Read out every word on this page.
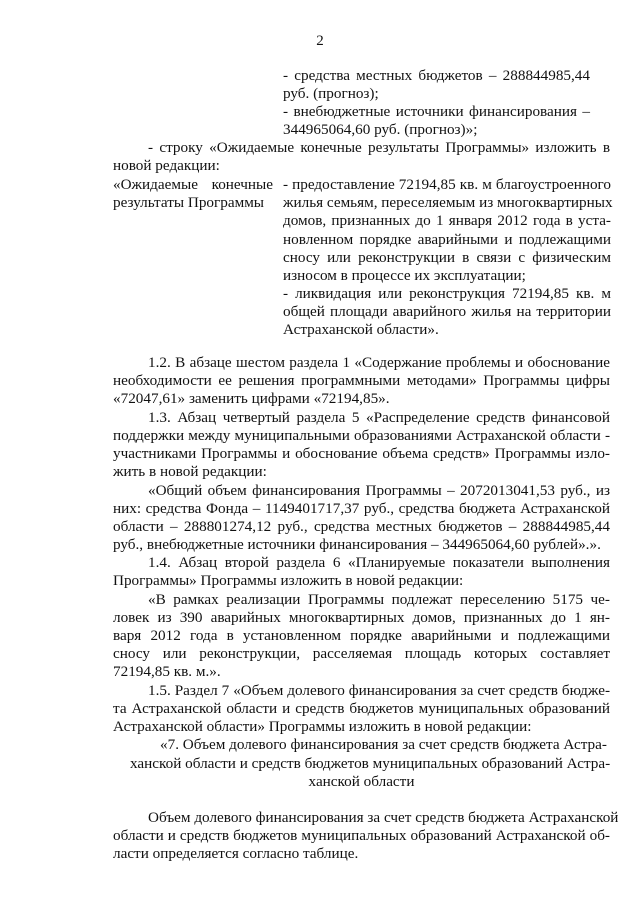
2
- средства местных бюджетов – 288844985,44
руб. (прогноз);
- внебюджетные источники финансирования –
344965064,60 руб. (прогноз)»;
- строку «Ожидаемые конечные результаты Программы» изложить в
новой редакции:
«Ожидаемые конечные
результаты Программы
- предоставление 72194,85 кв. м благоустроенного
жилья семьям, переселяемым из многоквартирных
домов, признанных до 1 января 2012 года в уста-
новленном порядке аварийными и подлежащими
сносу или реконструкции в связи с физическим
износом в процессе их эксплуатации;
- ликвидация или реконструкция 72194,85 кв. м
общей площади аварийного жилья на территории
Астраханской области».
1.2. В абзаце шестом раздела 1 «Содержание проблемы и обоснование
необходимости ее решения программными методами» Программы цифры
«72047,61» заменить цифрами «72194,85».
1.3. Абзац четвертый раздела 5 «Распределение средств финансовой
поддержки между муниципальными образованиями Астраханской области -
участниками Программы и обоснование объема средств» Программы изло-
жить в новой редакции:
«Общий объем финансирования Программы – 2072013041,53 руб., из
них: средства Фонда – 1149401717,37 руб., средства бюджета Астраханской
области – 288801274,12 руб., средства местных бюджетов – 288844985,44
руб., внебюджетные источники финансирования – 344965064,60 рублей».».
1.4. Абзац второй раздела 6 «Планируемые показатели выполнения
Программы» Программы изложить в новой редакции:
«В рамках реализации Программы подлежат переселению 5175 че-
ловек из 390 аварийных многоквартирных домов, признанных до 1 ян-
варя 2012 года в установленном порядке аварийными и подлежащими
сносу или реконструкции, расселяемая площадь которых составляет
72194,85 кв. м.».
1.5. Раздел 7 «Объем долевого финансирования за счет средств бюдже-
та Астраханской области и средств бюджетов муниципальных образований
Астраханской области» Программы изложить в новой редакции:
«7. Объем долевого финансирования за счет средств бюджета Астра-
ханской области и средств бюджетов муниципальных образований Астра-
ханской области
Объем долевого финансирования за счет средств бюджета Астраханской
области и средств бюджетов муниципальных образований Астраханской об-
ласти определяется согласно таблице.
